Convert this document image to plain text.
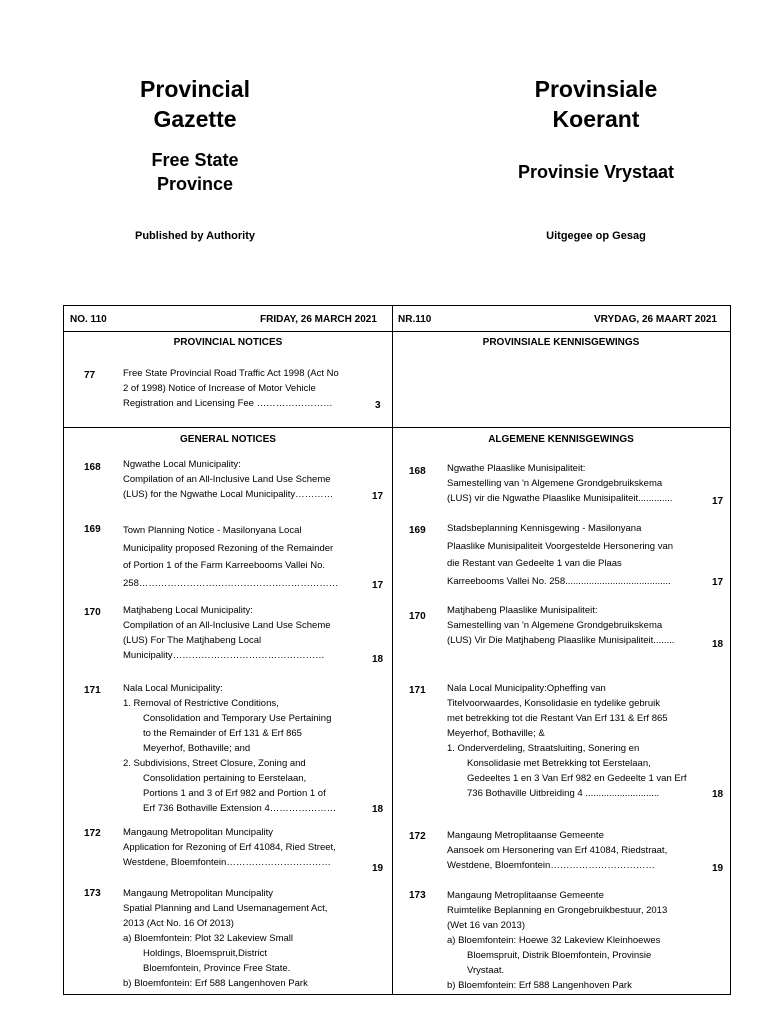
Provincial
Gazette
Free State
Province
Published by Authority
Provinsiale
Koerant
Provinsie Vrystaat
Uitgegee op Gesag
NO. 110	FRIDAY, 26 MARCH 2021 NR.110	VRYDAG, 26 MAART 2021
PROVINCIAL NOTICES	PROVINSIALE KENNISGEWINGS
77	Free State Provincial Road Traffic Act 1998 (Act No
2 of 1998) Notice of Increase of Motor Vehicle
Registration and Licensing Fee ……………………	3
GENERAL NOTICES	ALGEMENE KENNISGEWINGS
168 Ngwathe Local Municipality:
Compilation of an All-Inclusive Land Use Scheme
(LUS) for the Ngwathe Local Municipality…………	17
169 Town Planning Notice - Masilonyana Local
Municipality proposed Rezoning of the Remainder
of Portion 1 of the Farm Karreebooms Vallei No.
258………………………………………………………	17
170 Matjhabeng Local Municipality:
Compilation of an All-Inclusive Land Use Scheme
(LUS) For The Matjhabeng Local
Municipality…………………………………………	18
171 Nala Local Municipality:
1. Removal of Restrictive Conditions,
Consolidation and Temporary Use Pertaining
to the Remainder of Erf 131 & Erf 865
Meyerhof, Bothaville; and
2. Subdivisions, Street Closure, Zoning and
Consolidation pertaining to Eerstelaan,
Portions 1 and 3 of Erf 982 and Portion 1 of
Erf 736 Bothaville Extension 4…………………	18
172 Mangaung Metropolitan Muncipality
Application for Rezoning of Erf 41084, Ried Street,
Westdene, Bloemfontein……………………………
19
173 Mangaung Metropolitan Muncipality
Spatial Planning and Land Usemanagement Act,
2013 (Act No. 16 Of 2013)
a) Bloemfontein: Plot 32 Lakeview Small
Holdings, Bloemspruit,District
Bloemfontein, Province Free State.
b) Bloemfontein: Erf 588 Langenhoven Park
168 Ngwathe Plaaslike Munisipaliteit:
Samestelling van 'n Algemene Grondgebruikskema
(LUS) vir die Ngwathe Plaaslike Munisipaliteit.............	17
169 Stadsbeplanning Kennisgewing - Masilonyana
Plaaslike Munisipaliteit Voorgestelde Hersonering van
die Restant van Gedeelte 1 van die Plaas
Karreebooms Vallei No. 258........................................	17
170
Matjhabeng Plaaslike Munisipaliteit:
Samestelling van 'n Algemene Grondgebruikskema
(LUS) Vir Die Matjhabeng Plaaslike Munisipaliteit........	18
171 Nala Local Municipality:Opheffing van
Titelvoorwaardes, Konsolidasie en tydelike gebruik
met betrekking tot die Restant Van Erf 131 & Erf 865
Meyerhof, Bothaville; &
1. Onderverdeling, Straatsluiting, Sonering en
Konsolidasie met Betrekking tot Eerstelaan,
Gedeeltes 1 en 3 Van Erf 982 en Gedeelte 1 van Erf
736 Bothaville Uitbreiding 4 ............................	18
172 Mangaung Metroplitaanse Gemeente
Aansoek om Hersonering van Erf 41084, Riedstraat,
Westdene, Bloemfontein……………………………	19
173 Mangaung Metroplitaanse Gemeente
Ruimtelike Beplanning en Grongebruikbestuur, 2013
(Wet 16 van 2013)
a) Bloemfontein: Hoewe 32 Lakeview Kleinhoewes
Bloemspruit, Distrik Bloemfontein, Provinsie
Vrystaat.
b) Bloemfontein: Erf 588 Langenhoven Park
